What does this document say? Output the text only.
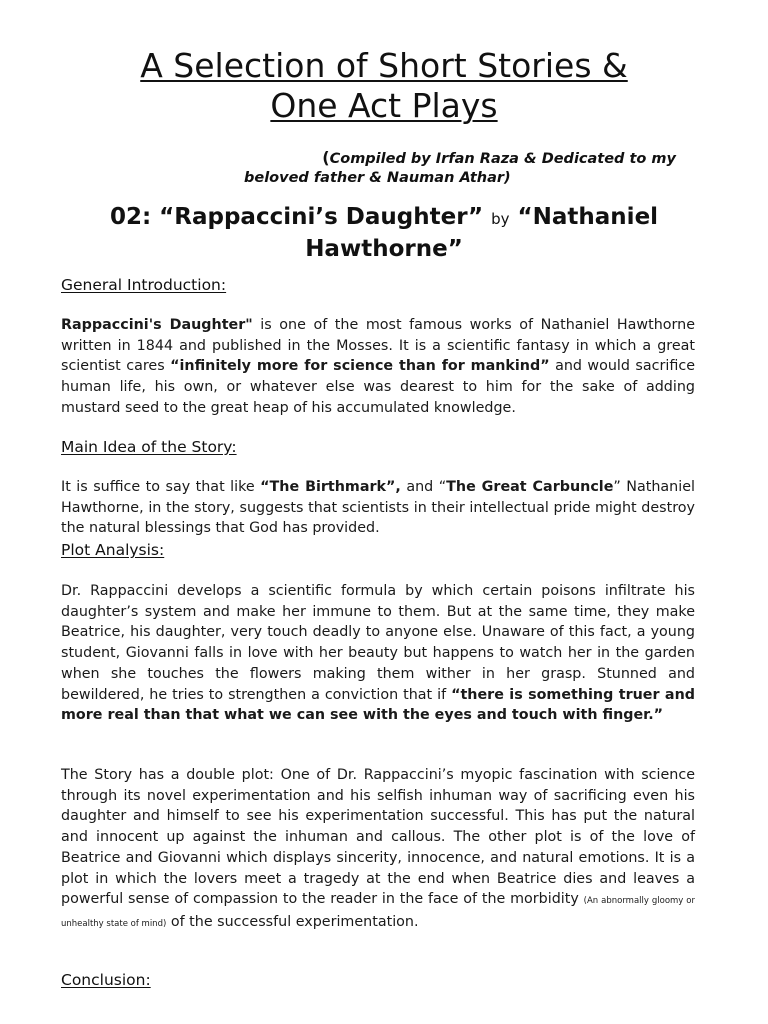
A Selection of Short Stories &
One Act Plays
(Compiled by Irfan Raza & Dedicated to my
beloved father & Nauman Athar)
02: “Rappaccini’s Daughter” by “Nathaniel
Hawthorne”
General Introduction:

Rappaccini's Daughter" is one of the most famous works of Nathaniel Hawthorne written in 1844 and published in the Mosses. It is a scientific fantasy in which a great scientist cares “infinitely more for science than for mankind” and would sacrifice human life, his own, or whatever else was dearest to him for the sake of adding mustard seed to the great heap of his accumulated knowledge.

Main Idea of the Story:

It is suffice to say that like “The Birthmark”, and “The Great Carbuncle” Nathaniel Hawthorne, in the story, suggests that scientists in their intellectual pride might destroy the natural blessings that God has provided.

Plot Analysis:

Dr. Rappaccini develops a scientific formula by which certain poisons infiltrate his daughter’s system and make her immune to them. But at the same time, they make Beatrice, his daughter, very touch deadly to anyone else. Unaware of this fact, a young student, Giovanni falls in love with her beauty but happens to watch her in the garden when she touches the flowers making them wither in her grasp. Stunned and bewildered, he tries to strengthen a conviction that if “there is something truer and more real than that what we can see with the eyes and touch with finger.”

The Story has a double plot: One of Dr. Rappaccini’s myopic fascination with science through its novel experimentation and his selfish inhuman way of sacrificing even his daughter and himself to see his experimentation successful. This has put the natural and innocent up against the inhuman and callous. The other plot is of the love of Beatrice and Giovanni which displays sincerity, innocence, and natural emotions. It is a plot in which the lovers meet a tragedy at the end when Beatrice dies and leaves a powerful sense of compassion to the reader in the face of the morbidity (An abnormally gloomy or unhealthy state of mind) of the successful experimentation.

Conclusion:
